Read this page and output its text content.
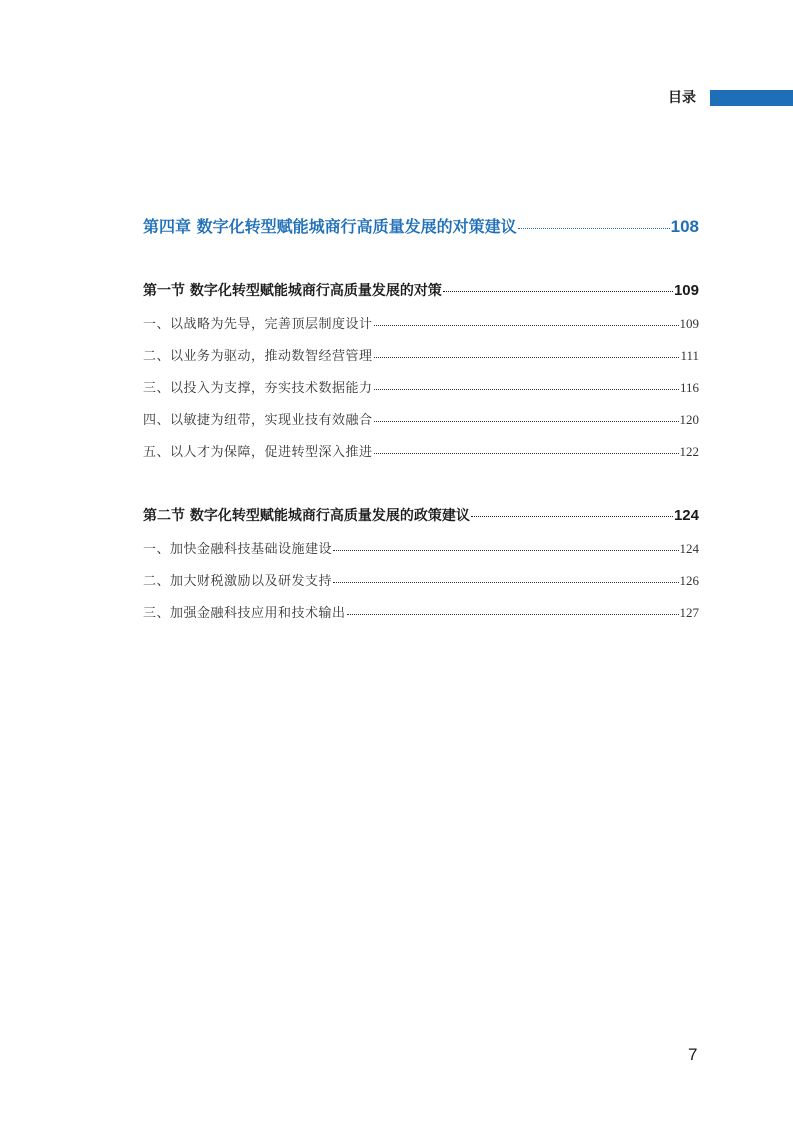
目录
第四章 数字化转型赋能城商行高质量发展的对策建议	108
第一节 数字化转型赋能城商行高质量发展的对策	109
一、以战略为先导，完善顶层制度设计	109
二、以业务为驱动，推动数智经营管理	111
三、以投入为支撑，夯实技术数据能力	116
四、以敏捷为纽带，实现业技有效融合	120
五、以人才为保障，促进转型深入推进	122
第二节 数字化转型赋能城商行高质量发展的政策建议	124
一、加快金融科技基础设施建设	124
二、加大财税激励以及研发支持	126
三、加强金融科技应用和技术输出	127
7
